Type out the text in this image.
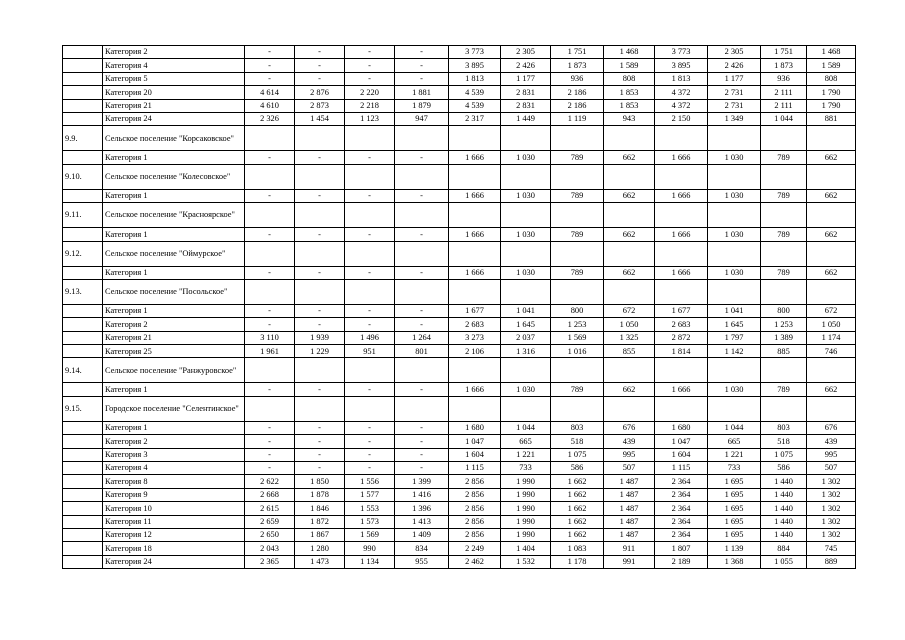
	Категория 2	-	-	-	-	3 773	2 305	1 751	1 468	3 773	2 305	1 751	1 468
	Категория 4	-	-	-	-	3 895	2 426	1 873	1 589	3 895	2 426	1 873	1 589
	Категория 5	-	-	-	-	1 813	1 177	936	808	1 813	1 177	936	808
	Категория 20	4 614	2 876	2 220	1 881	4 539	2 831	2 186	1 853	4 372	2 731	2 111	1 790
	Категория 21	4 610	2 873	2 218	1 879	4 539	2 831	2 186	1 853	4 372	2 731	2 111	1 790
	Категория 24	2 326	1 454	1 123	947	2 317	1 449	1 119	943	2 150	1 349	1 044	881
9.9.	Сельское поселение "Корсаковское"												
	Категория 1	-	-	-	-	1 666	1 030	789	662	1 666	1 030	789	662
9.10.	Сельское поселение "Колесовское"												
	Категория 1	-	-	-	-	1 666	1 030	789	662	1 666	1 030	789	662
9.11.	Сельское поселение "Красноярское"												
	Категория 1	-	-	-	-	1 666	1 030	789	662	1 666	1 030	789	662
9.12.	Сельское поселение "Оймурское"												
	Категория 1	-	-	-	-	1 666	1 030	789	662	1 666	1 030	789	662
9.13.	Сельское поселение "Посольское"												
	Категория 1	-	-	-	-	1 677	1 041	800	672	1 677	1 041	800	672
	Категория 2	-	-	-	-	2 683	1 645	1 253	1 050	2 683	1 645	1 253	1 050
	Категория 21	3 110	1 939	1 496	1 264	3 273	2 037	1 569	1 325	2 872	1 797	1 389	1 174
	Категория 25	1 961	1 229	951	801	2 106	1 316	1 016	855	1 814	1 142	885	746
9.14.	Сельское поселение "Ранжуровское"												
	Категория 1	-	-	-	-	1 666	1 030	789	662	1 666	1 030	789	662
9.15.	Городское поселение "Селентинское"												
	Категория 1	-	-	-	-	1 680	1 044	803	676	1 680	1 044	803	676
	Категория 2	-	-	-	-	1 047	665	518	439	1 047	665	518	439
	Категория 3	-	-	-	-	1 604	1 221	1 075	995	1 604	1 221	1 075	995
	Категория 4	-	-	-	-	1 115	733	586	507	1 115	733	586	507
	Категория 8	2 622	1 850	1 556	1 399	2 856	1 990	1 662	1 487	2 364	1 695	1 440	1 302
	Категория 9	2 668	1 878	1 577	1 416	2 856	1 990	1 662	1 487	2 364	1 695	1 440	1 302
	Категория 10	2 615	1 846	1 553	1 396	2 856	1 990	1 662	1 487	2 364	1 695	1 440	1 302
	Категория 11	2 659	1 872	1 573	1 413	2 856	1 990	1 662	1 487	2 364	1 695	1 440	1 302
	Категория 12	2 650	1 867	1 569	1 409	2 856	1 990	1 662	1 487	2 364	1 695	1 440	1 302
	Категория 18	2 043	1 280	990	834	2 249	1 404	1 083	911	1 807	1 139	884	745
	Категория 24	2 365	1 473	1 134	955	2 462	1 532	1 178	991	2 189	1 368	1 055	889
